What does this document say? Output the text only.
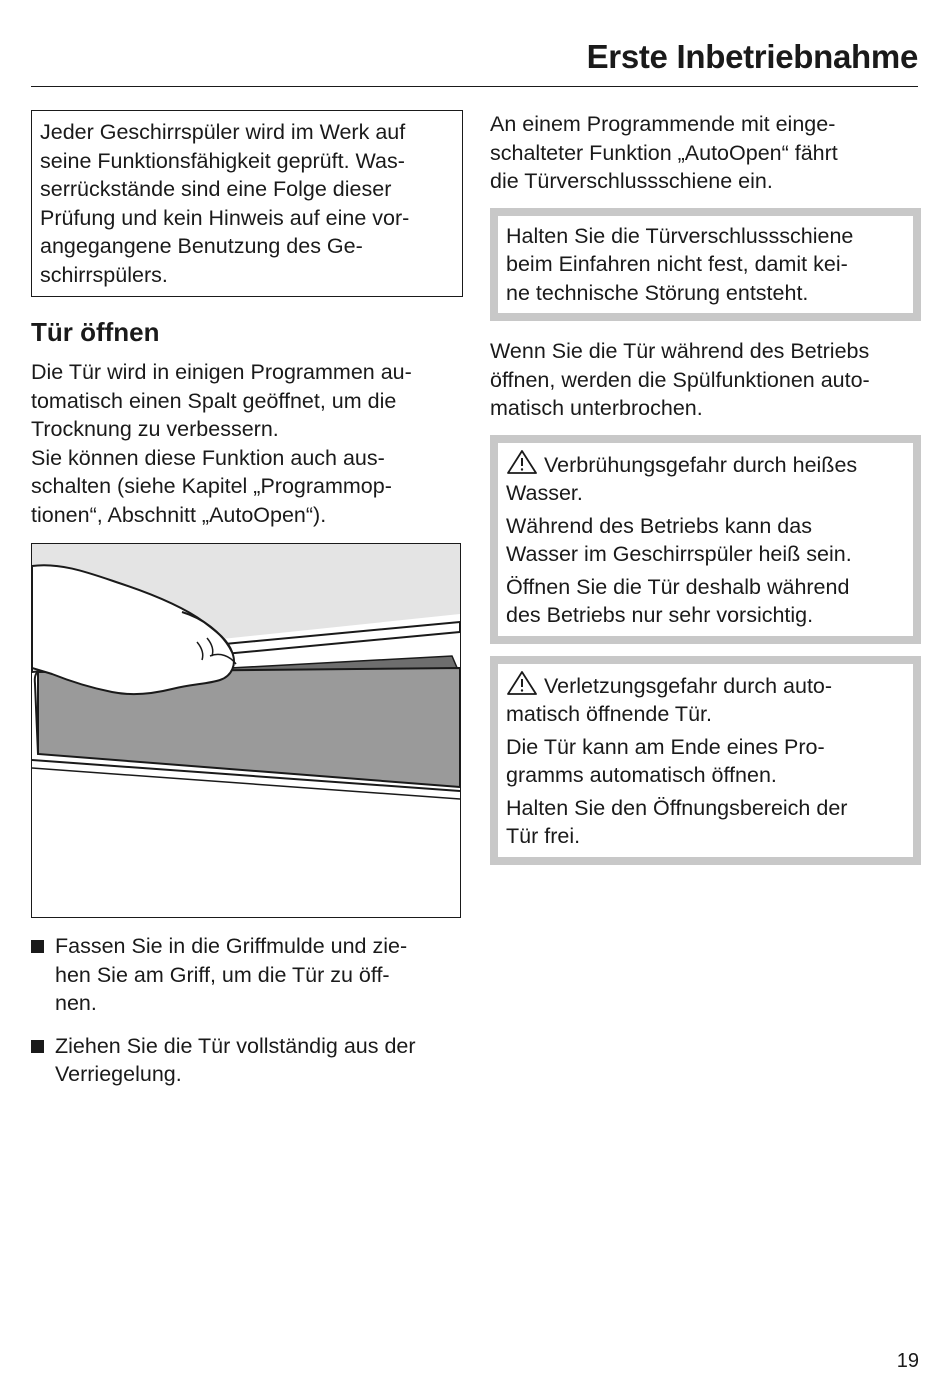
Erste Inbetriebnahme

Jeder Geschirrspüler wird im Werk auf

seine Funktionsfähigkeit geprüft. Was-

serrückstände sind eine Folge dieser

Prüfung und kein Hinweis auf eine vor-

angegangene Benutzung des Ge-

schirrspülers.

Tür öffnen

Die Tür wird in einigen Programmen au-

tomatisch einen Spalt geöffnet, um die

Trocknung zu verbessern.

Sie können diese Funktion auch aus-

schalten (siehe Kapitel „Programmop-

tionen“, Abschnitt „AutoOpen“).

Fassen Sie in die Griffmulde und zie-

hen Sie am Griff, um die Tür zu öff-

nen.

Ziehen Sie die Tür vollständig aus der

Verriegelung.

An einem Programmende mit einge-

schalteter Funktion „AutoOpen“ fährt

die Türverschlussschiene ein.

Halten Sie die Türverschlussschiene

beim Einfahren nicht fest, damit kei-

ne technische Störung entsteht.

Wenn Sie die Tür während des Betriebs

öffnen, werden die Spülfunktionen auto-

matisch unterbrochen.

Verbrühungsgefahr durch heißes

Wasser.

Während des Betriebs kann das

Wasser im Geschirrspüler heiß sein.

Öffnen Sie die Tür deshalb während

des Betriebs nur sehr vorsichtig.

Verletzungsgefahr durch auto-

matisch öffnende Tür.

Die Tür kann am Ende eines Pro-

gramms automatisch öffnen.

Halten Sie den Öffnungsbereich der

Tür frei.

19
